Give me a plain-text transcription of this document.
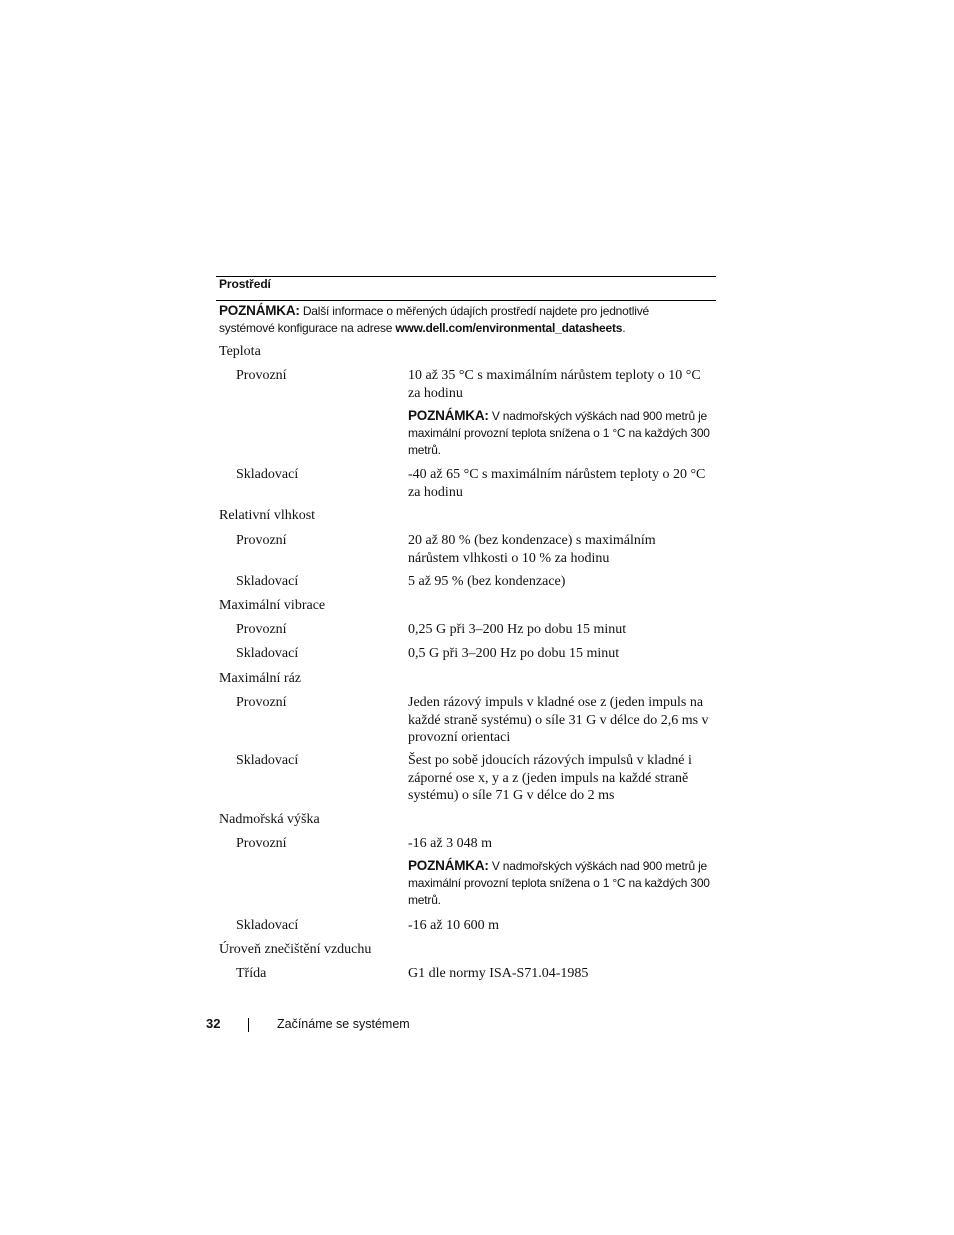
Prostředí
POZNÁMKA: Další informace o měřených údajích prostředí najdete pro jednotlivé
systémové konfigurace na adrese www.dell.com/environmental_datasheets.
Teplota
Provozní	10 až 35 °C s maximálním nárůstem teploty o 10 °C za hodinu
POZNÁMKA: V nadmořských výškách nad 900 metrů je maximální provozní teplota snížena o 1 °C na každých 300 metrů.
Skladovací	-40 až 65 °C s maximálním nárůstem teploty o 20 °C za hodinu
Relativní vlhkost
Provozní	20 až 80 % (bez kondenzace) s maximálním nárůstem vlhkosti o 10 % za hodinu
Skladovací	5 až 95 % (bez kondenzace)
Maximální vibrace
Provozní	0,25 G při 3–200 Hz po dobu 15 minut
Skladovací	0,5 G při 3–200 Hz po dobu 15 minut
Maximální ráz
Provozní	Jeden rázový impuls v kladné ose z (jeden impuls na každé straně systému) o síle 31 G v délce do 2,6 ms v provozní orientaci
Skladovací	Šest po sobě jdoucích rázových impulsů v kladné i záporné ose x, y a z (jeden impuls na každé straně systému) o síle 71 G v délce do 2 ms
Nadmořská výška
Provozní	-16 až 3 048 m
POZNÁMKA: V nadmořských výškách nad 900 metrů je maximální provozní teplota snížena o 1 °C na každých 300 metrů.
Skladovací	-16 až 10 600 m
Úroveň znečištění vzduchu
Třída	G1 dle normy ISA-S71.04-1985
32	Začínáme se systémem
